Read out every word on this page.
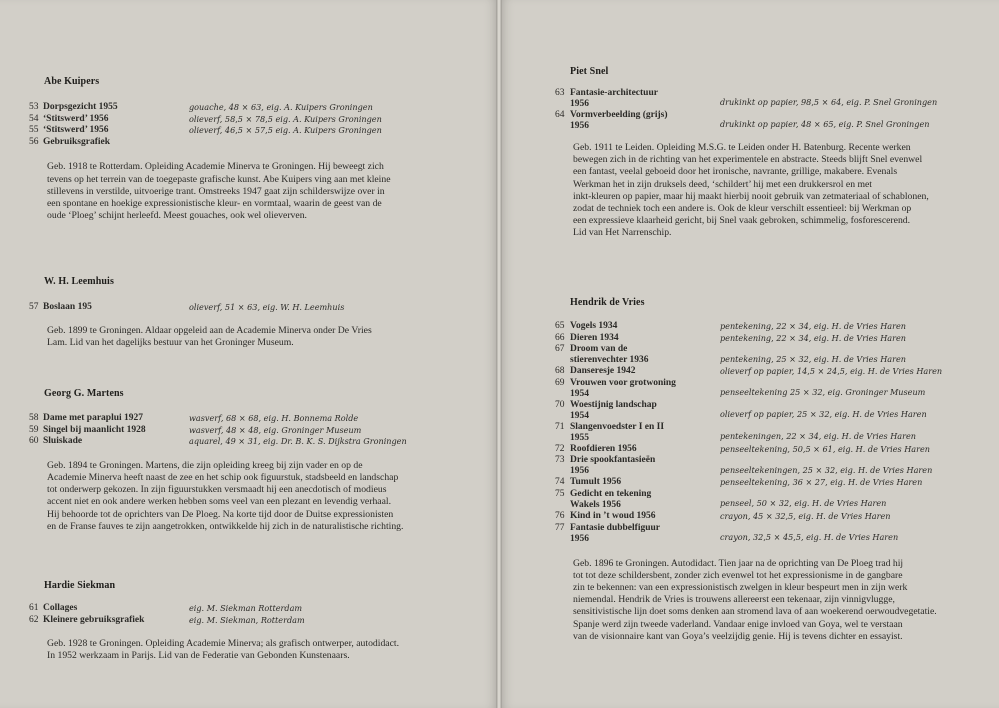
Abe Kuipers
53 Dorpsgezicht 1955	gouache, 48 × 63, eig. A. Kuipers Groningen
54 ‘Stitswerd’ 1956	olieverf, 58,5 × 78,5 eig. A. Kuipers Groningen
55 ‘Stitswerd’ 1956	olieverf, 46,5 × 57,5 eig. A. Kuipers Groningen
56 Gebruiksgrafiek

Geb. 1918 te Rotterdam. Opleiding Academie Minerva te Groningen. Hij beweegt zich

tevens op het terrein van de toegepaste grafische kunst. Abe Kuipers ving aan met kleine

stillevens in verstilde, uitvoerige trant. Omstreeks 1947 gaat zijn schilderswijze over in

een spontane en hoekige expressionistische kleur- en vormtaal, waarin de geest van de

oude ‘Ploeg’ schijnt herleefd. Meest gouaches, ook wel olieverven.

W. H. Leemhuis
57 Boslaan 195	olieverf, 51 × 63, eig. W. H. Leemhuis

Geb. 1899 te Groningen. Aldaar opgeleid aan de Academie Minerva onder De Vries

Lam. Lid van het dagelijks bestuur van het Groninger Museum.

Georg G. Martens
58 Dame met paraplui 1927	wasverf, 68 × 68, eig. H. Bonnema Rolde
59 Singel bij maanlicht 1928	wasverf, 48 × 48, eig. Groninger Museum
60 Sluiskade	aquarel, 49 × 31, eig. Dr. B. K. S. Dijkstra Groningen

Geb. 1894 te Groningen. Martens, die zijn opleiding kreeg bij zijn vader en op de

Academie Minerva heeft naast de zee en het schip ook figuurstuk, stadsbeeld en landschap

tot onderwerp gekozen. In zijn figuurstukken versmaadt hij een anecdotisch of modieus

accent niet en ook andere werken hebben soms veel van een plezant en levendig verhaal.

Hij behoorde tot de oprichters van De Ploeg. Na korte tijd door de Duitse expressionisten

en de Franse fauves te zijn aangetrokken, ontwikkelde hij zich in de naturalistische richting.

Hardie Siekman
61 Collages	eig. M. Siekman Rotterdam
62 Kleinere gebruiksgrafiek	eig. M. Siekman, Rotterdam

Geb. 1928 te Groningen. Opleiding Academie Minerva; als grafisch ontwerper, autodidact.

In 1952 werkzaam in Parijs. Lid van de Federatie van Gebonden Kunstenaars.

Piet Snel
63 Fantasie-architectuur
1956	drukinkt op papier, 98,5 × 64, eig. P. Snel Groningen
64 Vormverbeelding (grijs)
1956	drukinkt op papier, 48 × 65, eig. P. Snel Groningen

Geb. 1911 te Leiden. Opleiding M.S.G. te Leiden onder H. Batenburg. Recente werken

bewegen zich in de richting van het experimentele en abstracte. Steeds blijft Snel evenwel

een fantast, veelal geboeid door het ironische, navrante, grillige, makabere. Evenals

Werkman het in zijn druksels deed, ‘schildert’ hij met een drukkersrol en met

inkt-kleuren op papier, maar hij maakt hierbij nooit gebruik van zetmateriaal of schablonen,

zodat de techniek toch een andere is. Ook de kleur verschilt essentieel: bij Werkman op

een expressieve klaarheid gericht, bij Snel vaak gebroken, schimmelig, fosforescerend.

Lid van Het Narrenschip.

Hendrik de Vries
65 Vogels 1934	pentekening, 22 × 34, eig. H. de Vries Haren
66 Dieren 1934	pentekening, 22 × 34, eig. H. de Vries Haren
67 Droom van de
stierenvechter 1936	pentekening, 25 × 32, eig. H. de Vries Haren
68 Danseresje 1942	olieverf op papier, 14,5 × 24,5, eig. H. de Vries Haren
69 Vrouwen voor grotwoning
1954	penseeltekening 25 × 32, eig. Groninger Museum
70 Woestijnig landschap
1954	olieverf op papier, 25 × 32, eig. H. de Vries Haren
71 Slangenvoedster I en II
1955	pentekeningen, 22 × 34, eig. H. de Vries Haren
72 Roofdieren 1956	penseeltekening, 50,5 × 61, eig. H. de Vries Haren
73 Drie spookfantasieën
1956	penseeltekeningen, 25 × 32, eig. H. de Vries Haren
74 Tumult 1956	penseeltekening, 36 × 27, eig. H. de Vries Haren
75 Gedicht en tekening
Wakels 1956	penseel, 50 × 32, eig. H. de Vries Haren
76 Kind in ’t woud 1956	crayon, 45 × 32,5, eig. H. de Vries Haren
77 Fantasie dubbelfiguur
1956	crayon, 32,5 × 45,5, eig. H. de Vries Haren

Geb. 1896 te Groningen. Autodidact. Tien jaar na de oprichting van De Ploeg trad hij

tot tot deze schildersbent, zonder zich evenwel tot het expressionisme in de gangbare

zin te bekennen: van een expressionistisch zwelgen in kleur bespeurt men in zijn werk

niemendal. Hendrik de Vries is trouwens allereerst een tekenaar, zijn vinnigvlugge,

sensitivistische lijn doet soms denken aan stromend lava of aan woekerend oerwoudvegetatie.

Spanje werd zijn tweede vaderland. Vandaar enige invloed van Goya, wel te verstaan

van de visionnaire kant van Goya’s veelzijdig genie. Hij is tevens dichter en essayist.
